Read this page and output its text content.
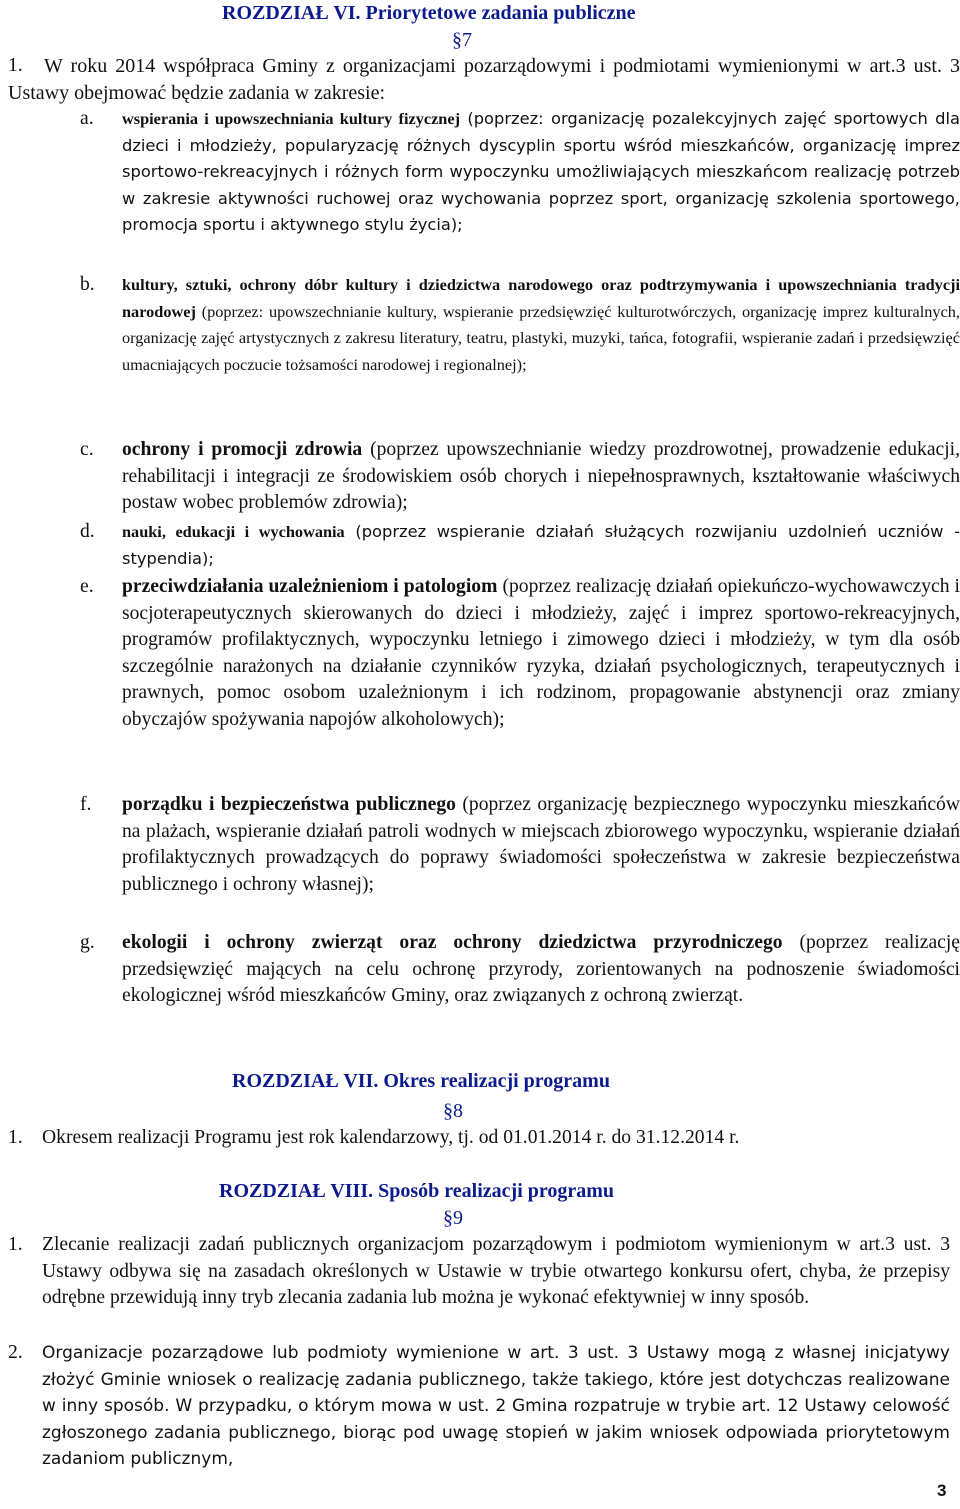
ROZDZIAŁ VI. Priorytetowe zadania publiczne
§7
1.	W roku 2014 współpraca Gminy z organizacjami pozarządowymi i podmiotami wymienionymi w art.3 ust. 3 Ustawy obejmować będzie zadania w zakresie:

a. wspierania i upowszechniania kultury fizycznej (poprzez: organizację pozalekcyjnych zajęć sportowych dla dzieci i młodzieży, popularyzację różnych dyscyplin sportu wśród mieszkańców, organizację imprez sportowo-rekreacyjnych i różnych form wypoczynku umożliwiających mieszkańcom realizację potrzeb w zakresie aktywności ruchowej oraz wychowania poprzez sport, organizację szkolenia sportowego, promocja sportu i aktywnego stylu życia);

b. kultury, sztuki, ochrony dóbr kultury i dziedzictwa narodowego oraz podtrzymywania i upowszechniania tradycji narodowej (poprzez: upowszechnianie kultury, wspieranie przedsięwzięć kulturotwórczych, organizację imprez kulturalnych, organizację zajęć artystycznych z zakresu literatury, teatru, plastyki, muzyki, tańca, fotografii, wspieranie zadań i przedsięwzięć umacniających poczucie tożsamości narodowej i regionalnej);

c. ochrony i promocji zdrowia (poprzez upowszechnianie wiedzy prozdrowotnej, prowadzenie edukacji, rehabilitacji i integracji ze środowiskiem osób chorych i niepełnosprawnych, kształtowanie właściwych postaw wobec problemów zdrowia);

d. nauki, edukacji i wychowania (poprzez wspieranie działań służących rozwijaniu uzdolnień uczniów - stypendia);

e. przeciwdziałania uzależnieniom i patologiom (poprzez realizację działań opiekuńczo-wychowawczych i socjoterapeutycznych skierowanych do dzieci i młodzieży, zajęć i imprez sportowo-rekreacyjnych, programów profilaktycznych, wypoczynku letniego i zimowego dzieci i młodzieży, w tym dla osób szczególnie narażonych na działanie czynników ryzyka, działań psychologicznych, terapeutycznych i prawnych, pomoc osobom uzależnionym i ich rodzinom, propagowanie abstynencji oraz zmiany obyczajów spożywania napojów alkoholowych);

f. porządku i bezpieczeństwa publicznego (poprzez organizację bezpiecznego wypoczynku mieszkańców na plażach, wspieranie działań patroli wodnych w miejscach zbiorowego wypoczynku, wspieranie działań profilaktycznych prowadzących do poprawy świadomości społeczeństwa w zakresie bezpieczeństwa publicznego i ochrony własnej);

g. ekologii i ochrony zwierząt oraz ochrony dziedzictwa przyrodniczego (poprzez realizację przedsięwzięć mających na celu ochronę przyrody, zorientowanych na podnoszenie świadomości ekologicznej wśród mieszkańców Gminy, oraz związanych z ochroną zwierząt.

ROZDZIAŁ VII. Okres realizacji programu
§8
1. Okresem realizacji Programu jest rok kalendarzowy, tj. od 01.01.2014 r. do 31.12.2014 r.

ROZDZIAŁ VIII. Sposób realizacji programu
§9
1. Zlecanie realizacji zadań publicznych organizacjom pozarządowym i podmiotom wymienionym w art.3 ust. 3 Ustawy odbywa się na zasadach określonych w Ustawie w trybie otwartego konkursu ofert, chyba, że przepisy odrębne przewidują inny tryb zlecania zadania lub można je wykonać efektywniej w inny sposób.

2. Organizacje pozarządowe lub podmioty wymienione w art. 3 ust. 3 Ustawy mogą z własnej inicjatywy złożyć Gminie wniosek o realizację zadania publicznego, także takiego, które jest dotychczas realizowane w inny sposób. W przypadku, o którym mowa w ust. 2 Gmina rozpatruje w trybie art. 12 Ustawy celowość zgłoszonego zadania publicznego, biorąc pod uwagę stopień w jakim wniosek odpowiada priorytetowym zadaniom publicznym,

3
